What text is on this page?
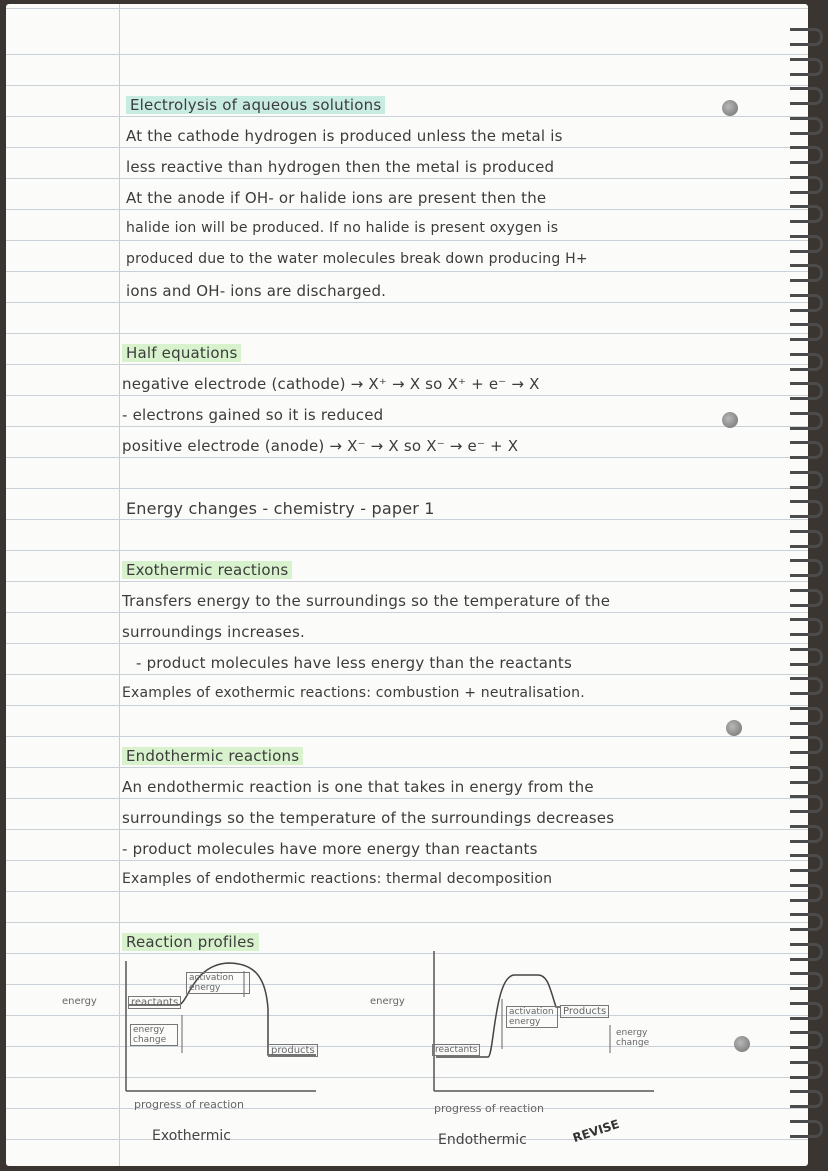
Electrolysis of aqueous solutions
At the cathode hydrogen is produced unless the metal is
less reactive than hydrogen then the metal is produced
At the anode if OH- or halide ions are present then the
halide ion will be produced. If no halide is present oxygen is
produced due to the water molecules break down producing H+
ions and OH- ions are discharged.
Half equations
negative electrode (cathode) → X⁺ → X so X⁺ + e⁻ → X
- electrons gained so it is reduced
positive electrode (anode) → X⁻ → X so X⁻ → e⁻ + X
Energy changes - chemistry - paper 1
Exothermic reactions
Transfers energy to the surroundings so the temperature of the
surroundings increases.
- product molecules have less energy than the reactants
Examples of exothermic reactions: combustion + neutralisation.
Endothermic reactions
An endothermic reaction is one that takes in energy from the
surroundings so the temperature of the surroundings decreases
- product molecules have more energy than reactants
Examples of endothermic reactions: thermal decomposition
Reaction profiles
energy	reactants
activation energy
energy change
products
progress of reaction
Exothermic
energy
reactants
activation energy
Products
energy change
progress of reaction
Endothermic	REVISE
